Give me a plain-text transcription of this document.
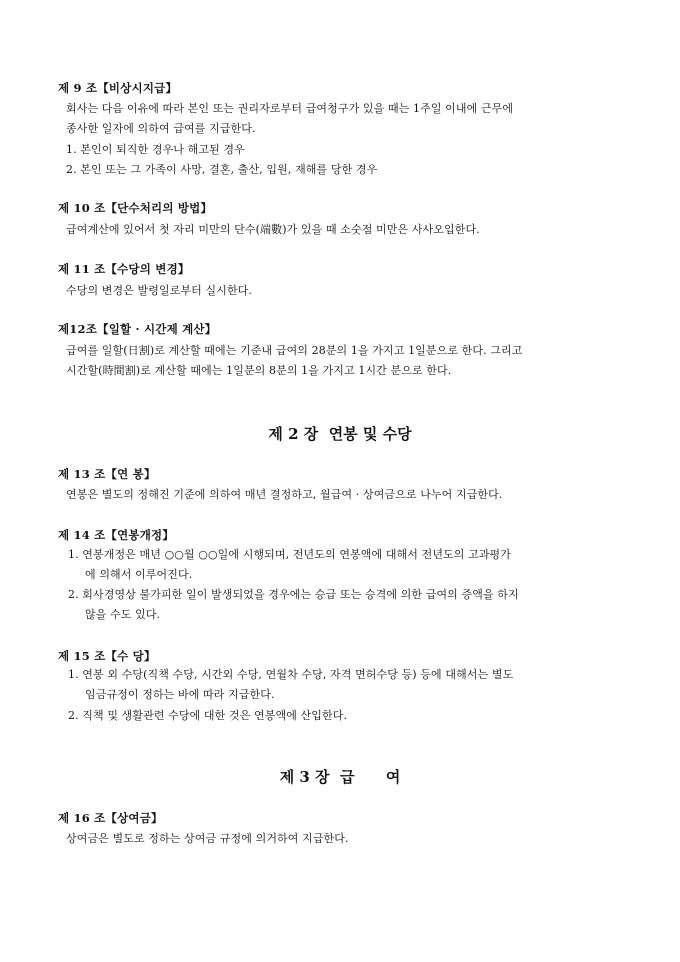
제 9 조【비상시지급】
회사는 다음 이유에 따라 본인 또는 권리자로부터 급여청구가 있을 때는 1주일 이내에 근무에
종사한 일자에 의하여 급여를 지급한다.
1. 본인이 퇴직한 경우나 해고된 경우
2. 본인 또는 그 가족이 사망, 결혼, 출산, 입원, 재해를 당한 경우
제 10 조【단수처리의 방법】
급여계산에 있어서 첫 자리 미만의 단수(端數)가 있을 때 소숫점 미만은 사사오입한다.
제 11 조【수당의 변경】
수당의 변경은 발령일로부터 실시한다.
제12조【일할 · 시간제 계산】
급여를 일할(日割)로 계산할 때에는 기준내 급여의 28분의 1을 가지고 1일분으로 한다. 그리고
시간할(時間割)로 계산할 때에는 1일분의 8분의 1을 가지고 1시간 분으로 한다.
제 2 장  연봉 및 수당
제 13 조【연 봉】
연봉은 별도의 정해진 기준에 의하여 매년 결정하고, 월급여 · 상여금으로 나누어 지급한다.
제 14 조【연봉개정】
1. 연봉개정은 매년 ○○월 ○○일에 시행되며, 전년도의 연봉액에 대해서 전년도의 고과평가
에 의해서 이루어진다.
2. 회사경영상 불가피한 일이 발생되었을 경우에는 승급 또는 승격에 의한 급여의 증액을 하지
않을 수도 있다.
제 15 조【수 당】
1. 연봉 외 수당(직책 수당, 시간외 수당, 연월차 수당, 자격 면허수당 등) 등에 대해서는 별도
임금규정이 정하는 바에 따라 지급한다.
2. 직책 및 생활관련 수당에 대한 것은 연봉액에 산입한다.
제 3 장  급      여
제 16 조【상여금】
상여금은 별도로 정하는 상여금 규정에 의거하여 지급한다.
